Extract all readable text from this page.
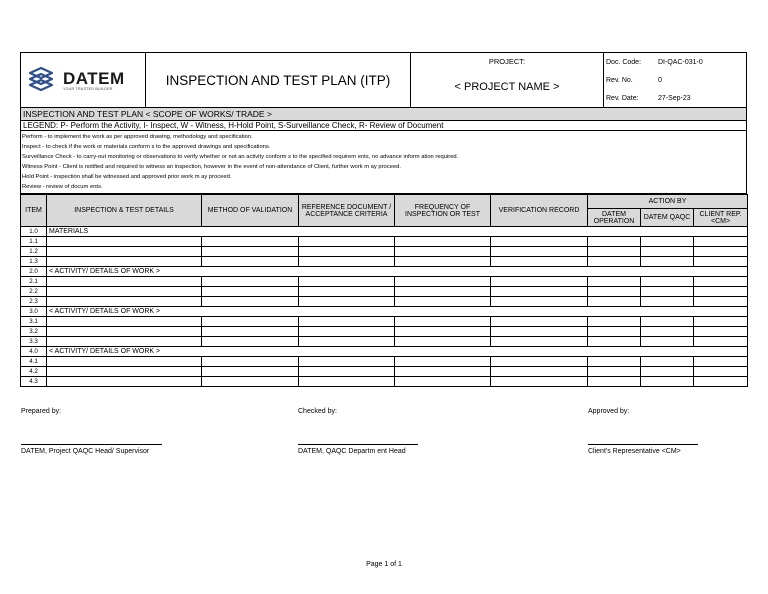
DATEM
YOUR TRUSTED BUILDER
	INSPECTION AND TEST PLAN (ITP)	
PROJECT:
< PROJECT NAME >

Doc. Code:	DI-QAC-031-0
Rev. No.	0
Rev. Date:	27-Sep-23
INSPECTION AND TEST PLAN < SCOPE OF WORKS/ TRADE >
LEGEND: P- Perform the Activity, I- Inspect, W - Witness, H-Hold Point, S-Surveillance Check, R- Review of Document
Perform - to implement the work as per approved drawing, methodology and specification.
Inspect - to check if the work or materials conform s to the approved drawings and specifications.
Surveillance Check - to carry-out monitoring or observations to verify whether or not an activity conform s to the specified requirem ents, no advance inform ation required.
Witness Point - Client is notified and required to witness an inspection, however in the event of non-attendance of Client, further work m ay proceed.
Hold Point - inspection shall be witnessed and approved prior work m ay proceed.
Review - review of docum ents.
ITEM	INSPECTION & TEST DETAILS	METHOD OF VALIDATION	REFERENCE DOCUMENT / ACCEPTANCE CRITERIA	FREQUENCY OF INSPECTION OR TEST	VERIFICATION RECORD	ACTION BY		
						DATEM OPERATION	DATEM QAQC	CLIENT REP. <CM>
1.0	MATERIALS							
1.1								
1.2								
1.3								
2.0	< ACTIVITY/ DETAILS OF WORK >							
2.1								
2.2								
2.3								
3.0	< ACTIVITY/ DETAILS OF WORK >							
3.1								
3.2								
3.3								
4.0	< ACTIVITY/ DETAILS OF WORK >							
4.1								
4.2								
4.3								
Prepared by:
DATEM, Project QAQC Head/ Supervisor
Checked by:
DATEM, QAQC Departm ent Head
Approved by:
Client's Representative <CM>
Page 1 of 1
